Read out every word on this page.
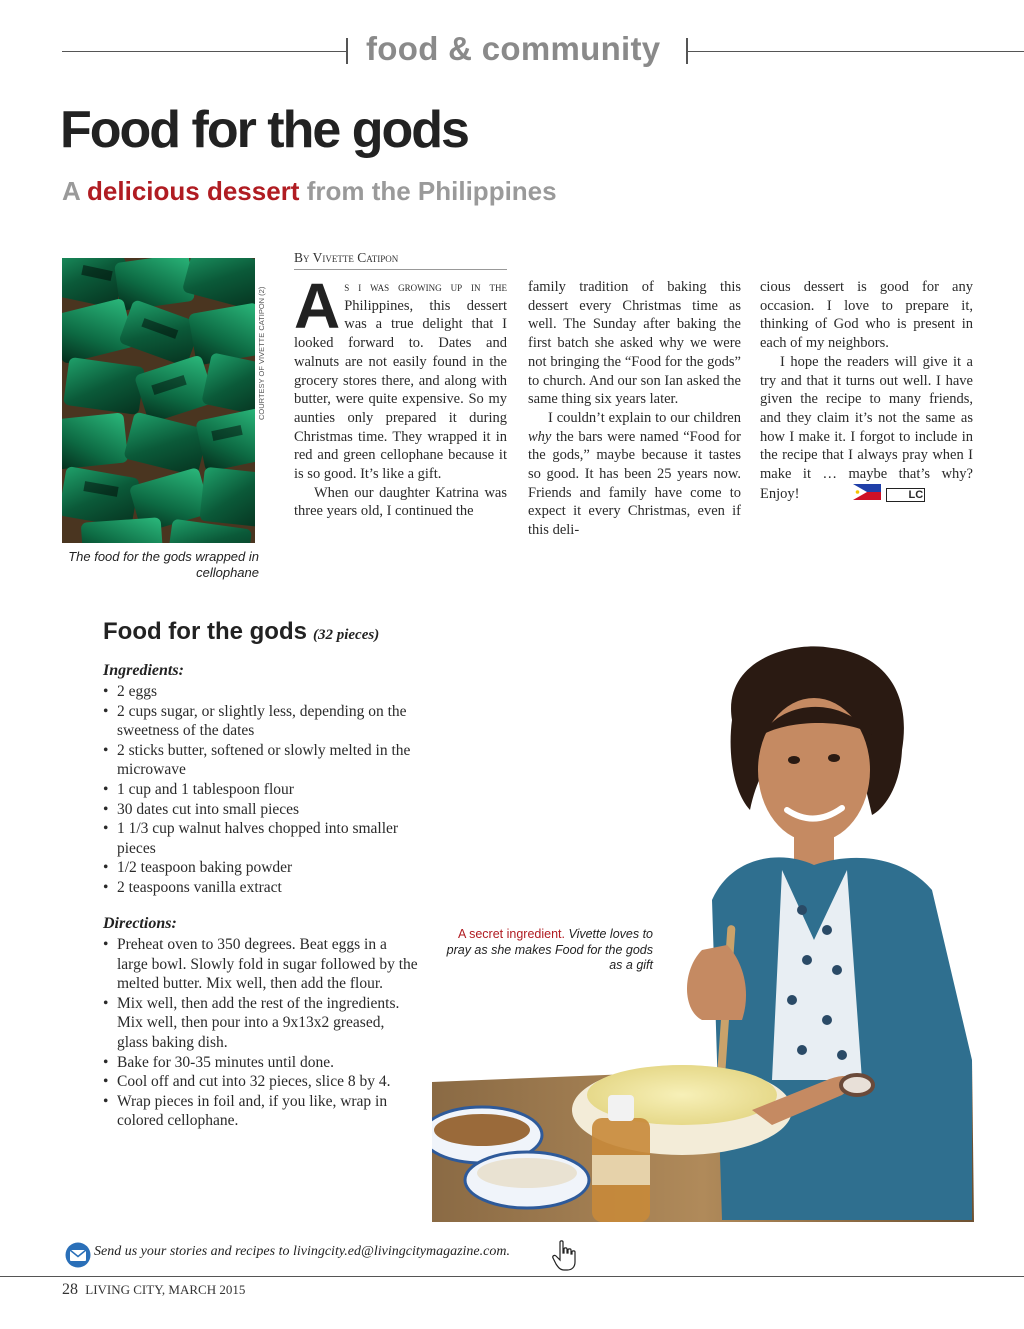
food & community
Food for the gods
A delicious dessert from the Philippines
COURTESY OF VIVETTE CATIPON (2)
The food for the gods wrapped in cellophane
By Vivette Catipon

As i was growing up in the Philippines, this dessert was a true delight that I looked forward to. Dates and walnuts are not easily found in the grocery stores there, and along with butter, were quite expensive. So my aunties only prepared it during Christmas time. They wrapped it in red and green cellophane because it is so good. It’s like a gift.

When our daughter Katrina was three years old, I continued the

family tradition of baking this dessert every Christmas time as well. The Sunday after baking the first batch she asked why we were not bringing the “Food for the gods” to church. And our son Ian asked the same thing six years later.

I couldn’t explain to our children why the bars were named “Food for the gods,” maybe because it tastes so good. It has been 25 years now. Friends and family have come to expect it every Christmas, even if this deli-

cious dessert is good for any occasion. I love to prepare it, thinking of God who is present in each of my neighbors.

I hope the readers will give it a try and that it turns out well. I have given the recipe to many friends, and they claim it’s not the same as how I make it. I forgot to include in the recipe that I always pray when I make it … maybe that’s why? Enjoy!	LC

Food for the gods (32 pieces)
Ingredients:
• 2 eggs
• 2 cups sugar, or slightly less, depending on the sweetness of the dates
• 2 sticks butter, softened or slowly melted in the microwave
• 1 cup and 1 tablespoon flour
• 30 dates cut into small pieces
• 1 1/3 cup walnut halves chopped into smaller pieces
• 1/2 teaspoon baking powder
• 2 teaspoons vanilla extract
Directions:
• Preheat oven to 350 degrees. Beat eggs in a large bowl. Slowly fold in sugar followed by the melted butter. Mix well, then add the flour.
• Mix well, then add the rest of the ingredients. Mix well, then pour into a 9x13x2 greased, glass baking dish.
• Bake for 30-35 minutes until done.
• Cool off and cut into 32 pieces, slice 8 by 4.
• Wrap pieces in foil and, if you like, wrap in colored cellophane.
A secret ingredient. Vivette loves to pray as she makes Food for the gods as a gift
Send us your stories and recipes to livingcity.ed@livingcitymagazine.com.
28 LIVING CITY, MARCH 2015
